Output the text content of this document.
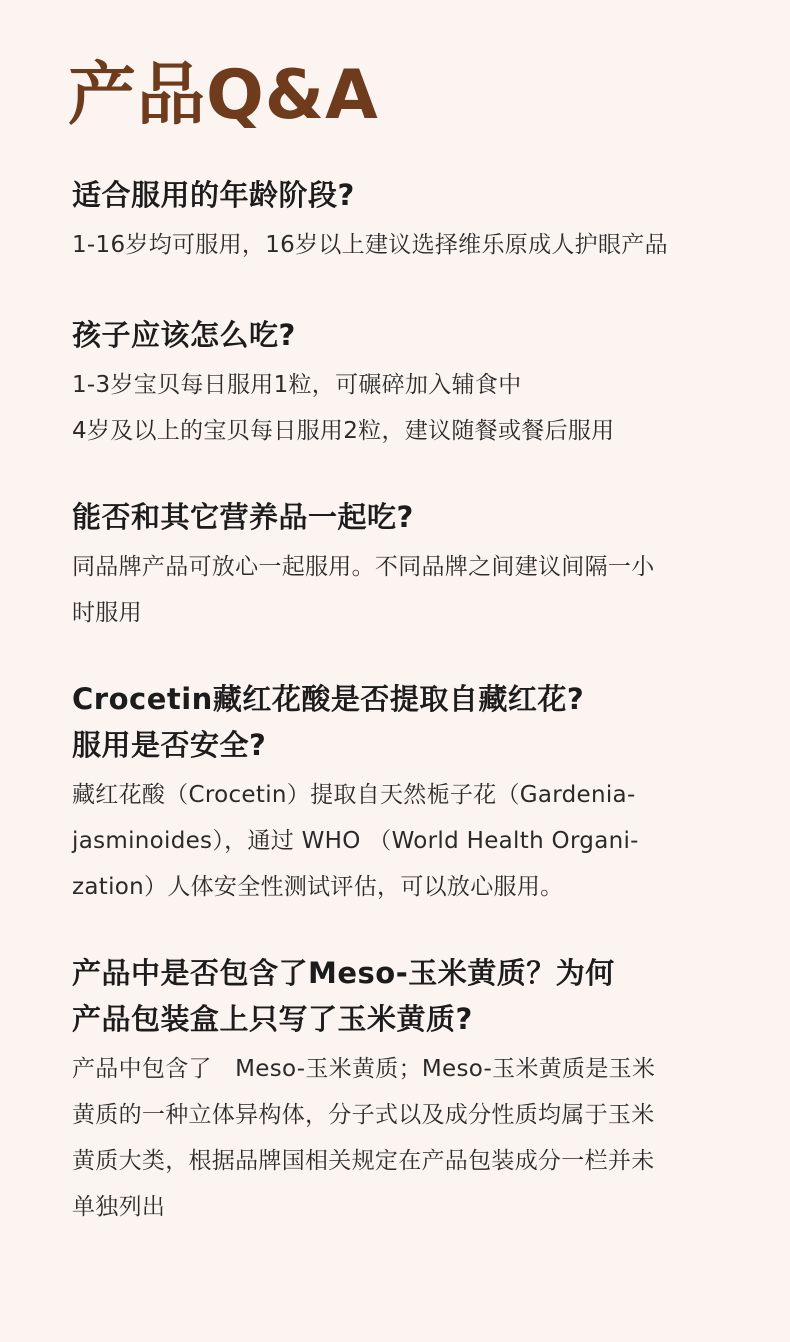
产品Q&A
适合服用的年龄阶段?
1-16岁均可服用，16岁以上建议选择维乐原成人护眼产品
孩子应该怎么吃?
1-3岁宝贝每日服用1粒，可碾碎加入辅食中
4岁及以上的宝贝每日服用2粒，建议随餐或餐后服用
能否和其它营养品一起吃?
同品牌产品可放心一起服用。不同品牌之间建议间隔一小
时服用
Crocetin藏红花酸是否提取自藏红花?
服用是否安全?
藏红花酸（Crocetin）提取自天然栀子花（Gardenia-
jasminoides），通过 WHO （World Health Organi-
zation）人体安全性测试评估，可以放心服用。
产品中是否包含了Meso-玉米黄质？为何
产品包装盒上只写了玉米黄质?
产品中包含了　Meso-玉米黄质；Meso-玉米黄质是玉米
黄质的一种立体异构体，分子式以及成分性质均属于玉米
黄质大类，根据品牌国相关规定在产品包装成分一栏并未
单独列出
